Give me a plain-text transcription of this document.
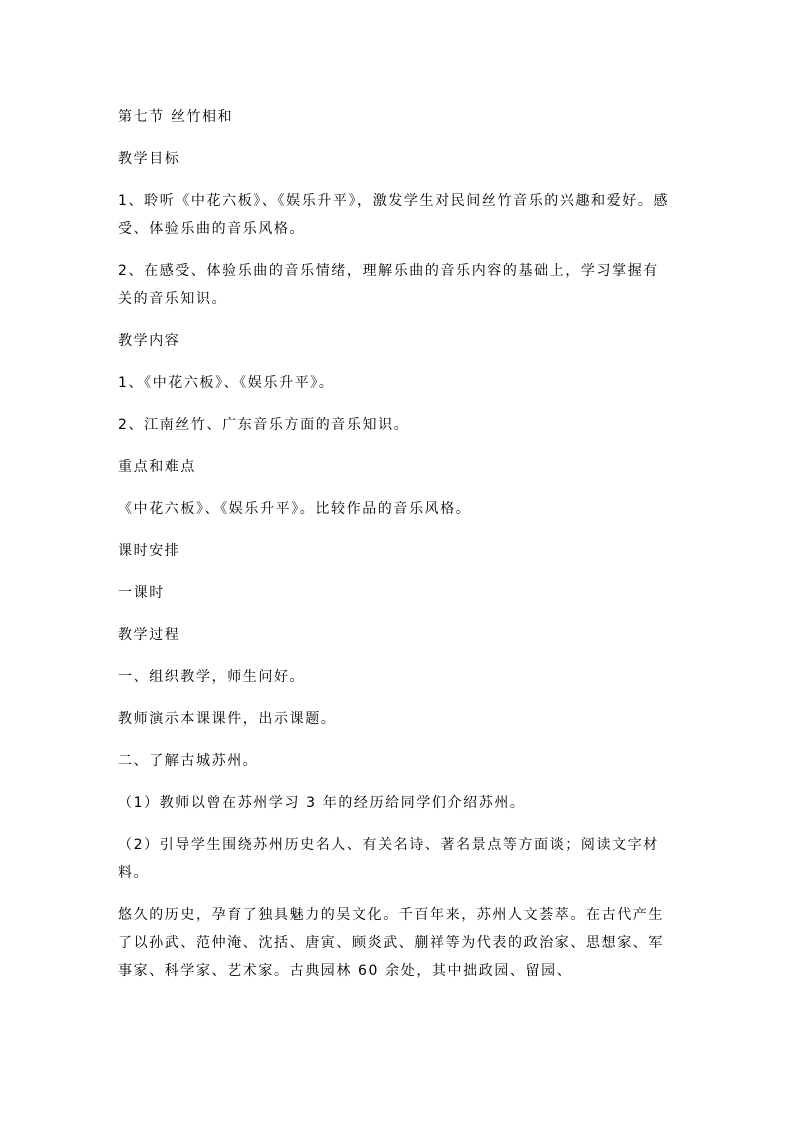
第七节 丝竹相和

教学目标

1、聆听《中花六板》、《娱乐升平》，激发学生对民间丝竹音乐的兴趣和爱好。感受、体验乐曲的音乐风格。

2、在感受、体验乐曲的音乐情绪，理解乐曲的音乐内容的基础上，学习掌握有关的音乐知识。

教学内容

1、《中花六板》、《娱乐升平》。

2、江南丝竹、广东音乐方面的音乐知识。

重点和难点

《中花六板》、《娱乐升平》。比较作品的音乐风格。

课时安排

一课时

教学过程

一、组织教学，师生问好。

教师演示本课课件，出示课题。

二、了解古城苏州。

（1）教师以曾在苏州学习 3 年的经历给同学们介绍苏州。

（2）引导学生围绕苏州历史名人、有关名诗、著名景点等方面谈；阅读文字材料。

悠久的历史，孕育了独具魅力的吴文化。千百年来，苏州人文荟萃。在古代产生了以孙武、范仲淹、沈括、唐寅、顾炎武、蒯祥等为代表的政治家、思想家、军事家、科学家、艺术家。古典园林 60 余处，其中拙政园、留园、
